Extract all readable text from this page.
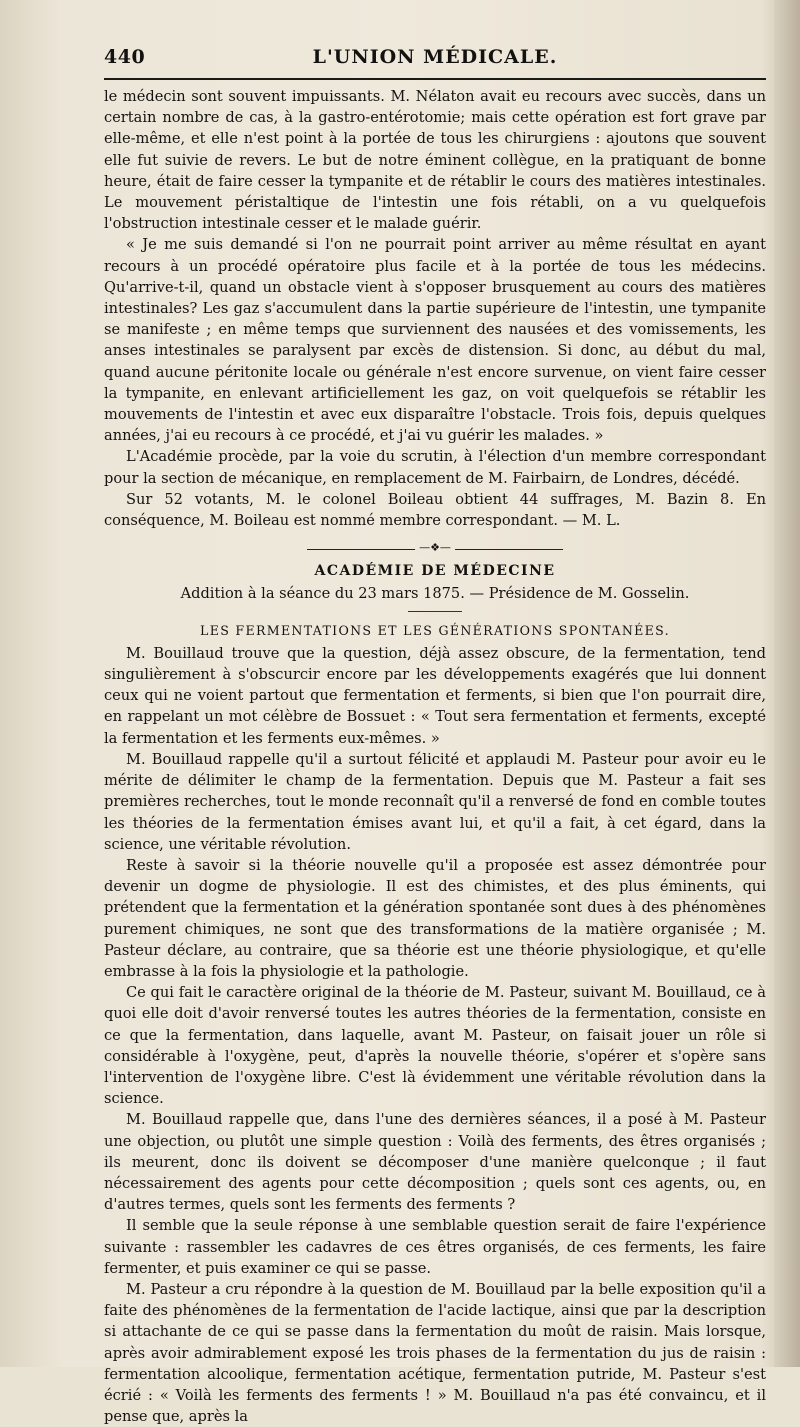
440	L'UNION MÉDICALE.

le médecin sont souvent impuissants. M. Nélaton avait eu recours avec succès, dans un certain nombre de cas, à la gastro-entérotomie; mais cette opération est fort grave par elle-même, et elle n'est point à la portée de tous les chirurgiens : ajoutons que souvent elle fut suivie de revers. Le but de notre éminent collègue, en la pratiquant de bonne heure, était de faire cesser la tympanite et de rétablir le cours des matières intestinales. Le mouvement péristaltique de l'intestin une fois rétabli, on a vu quelquefois l'obstruction intestinale cesser et le malade guérir.

« Je me suis demandé si l'on ne pourrait point arriver au même résultat en ayant recours à un procédé opératoire plus facile et à la portée de tous les médecins. Qu'arrive-t-il, quand un obstacle vient à s'opposer brusquement au cours des matières intestinales? Les gaz s'accumulent dans la partie supérieure de l'intestin, une tympanite se manifeste ; en même temps que surviennent des nausées et des vomissements, les anses intestinales se paralysent par excès de distension. Si donc, au début du mal, quand aucune péritonite locale ou générale n'est encore survenue, on vient faire cesser la tympanite, en enlevant artificiellement les gaz, on voit quelquefois se rétablir les mouvements de l'intestin et avec eux disparaître l'obstacle. Trois fois, depuis quelques années, j'ai eu recours à ce procédé, et j'ai vu guérir les malades. »

L'Académie procède, par la voie du scrutin, à l'élection d'un membre correspondant pour la section de mécanique, en remplacement de M. Fairbairn, de Londres, décédé.

Sur 52 votants, M. le colonel Boileau obtient 44 suffrages, M. Bazin 8. En conséquence, M. Boileau est nommé membre correspondant. — M. L.

—❖—
ACADÉMIE DE MÉDECINE
Addition à la séance du 23 mars 1875. — Présidence de M. Gosselin.
LES FERMENTATIONS ET LES GÉNÉRATIONS SPONTANÉES.

M. Bouillaud trouve que la question, déjà assez obscure, de la fermentation, tend singulièrement à s'obscurcir encore par les développements exagérés que lui donnent ceux qui ne voient partout que fermentation et ferments, si bien que l'on pourrait dire, en rappelant un mot célèbre de Bossuet : « Tout sera fermentation et ferments, excepté la fermentation et les ferments eux-mêmes. »

M. Bouillaud rappelle qu'il a surtout félicité et applaudi M. Pasteur pour avoir eu le mérite de délimiter le champ de la fermentation. Depuis que M. Pasteur a fait ses premières recherches, tout le monde reconnaît qu'il a renversé de fond en comble toutes les théories de la fermentation émises avant lui, et qu'il a fait, à cet égard, dans la science, une véritable révolution.

Reste à savoir si la théorie nouvelle qu'il a proposée est assez démontrée pour devenir un dogme de physiologie. Il est des chimistes, et des plus éminents, qui prétendent que la fermentation et la génération spontanée sont dues à des phénomènes purement chimiques, ne sont que des transformations de la matière organisée ; M. Pasteur déclare, au contraire, que sa théorie est une théorie physiologique, et qu'elle embrasse à la fois la physiologie et la pathologie.

Ce qui fait le caractère original de la théorie de M. Pasteur, suivant M. Bouillaud, ce à quoi elle doit d'avoir renversé toutes les autres théories de la fermentation, consiste en ce que la fermentation, dans laquelle, avant M. Pasteur, on faisait jouer un rôle si considérable à l'oxygène, peut, d'après la nouvelle théorie, s'opérer et s'opère sans l'intervention de l'oxygène libre. C'est là évidemment une véritable révolution dans la science.

M. Bouillaud rappelle que, dans l'une des dernières séances, il a posé à M. Pasteur une objection, ou plutôt une simple question : Voilà des ferments, des êtres organisés ; ils meurent, donc ils doivent se décomposer d'une manière quelconque ; il faut nécessairement des agents pour cette décomposition ; quels sont ces agents, ou, en d'autres termes, quels sont les ferments des ferments ?

Il semble que la seule réponse à une semblable question serait de faire l'expérience suivante : rassembler les cadavres de ces êtres organisés, de ces ferments, les faire fermenter, et puis examiner ce qui se passe.

M. Pasteur a cru répondre à la question de M. Bouillaud par la belle exposition qu'il a faite des phénomènes de la fermentation de l'acide lactique, ainsi que par la description si attachante de ce qui se passe dans la fermentation du moût de raisin. Mais lorsque, après avoir admirablement exposé les trois phases de la fermentation du jus de raisin : fermentation alcoolique, fermentation acétique, fermentation putride, M. Pasteur s'est écrié : « Voilà les ferments des ferments ! » M. Bouillaud n'a pas été convaincu, et il pense que, après la
